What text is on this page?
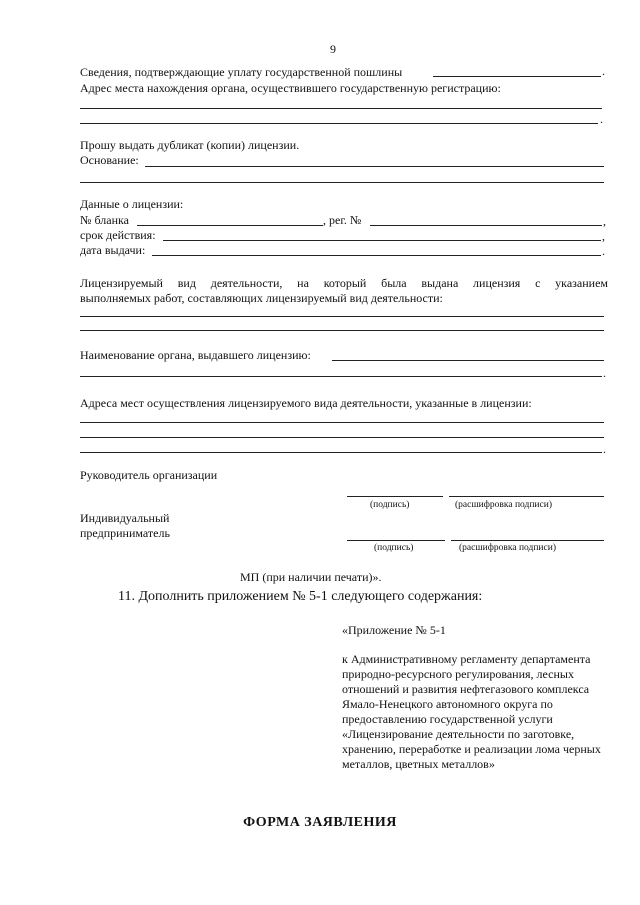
9
Сведения, подтверждающие уплату государственной пошлины	.
Адрес места нахождения органа, осуществившего государственную регистрацию:
.
Прошу выдать дубликат (копии) лицензии.
Основание:
Данные о лицензии:
№ бланка	, рег. №	,
срок действия:	,
дата выдачи:	.
Лицензируемый вид деятельности, на который была выдана лицензия с указанием
выполняемых работ, составляющих лицензируемый вид деятельности:
Наименование органа, выдавшего лицензию:
.
Адреса мест осуществления лицензируемого вида деятельности, указанные в лицензии:
.
Руководитель организации
(подпись)	(расшифровка подписи)
Индивидуальный
предприниматель
(подпись)	(расшифровка подписи)
МП (при наличии печати)».
11. Дополнить приложением № 5-1 следующего содержания:
«Приложение № 5-1
к Административному регламенту департамента природно-ресурсного регулирования, лесных отношений и развития нефтегазового комплекса Ямало-Ненецкого автономного округа по предоставлению государственной услуги «Лицензирование деятельности по заготовке, хранению, переработке и реализации лома черных металлов, цветных металлов»
ФОРМА ЗАЯВЛЕНИЯ
